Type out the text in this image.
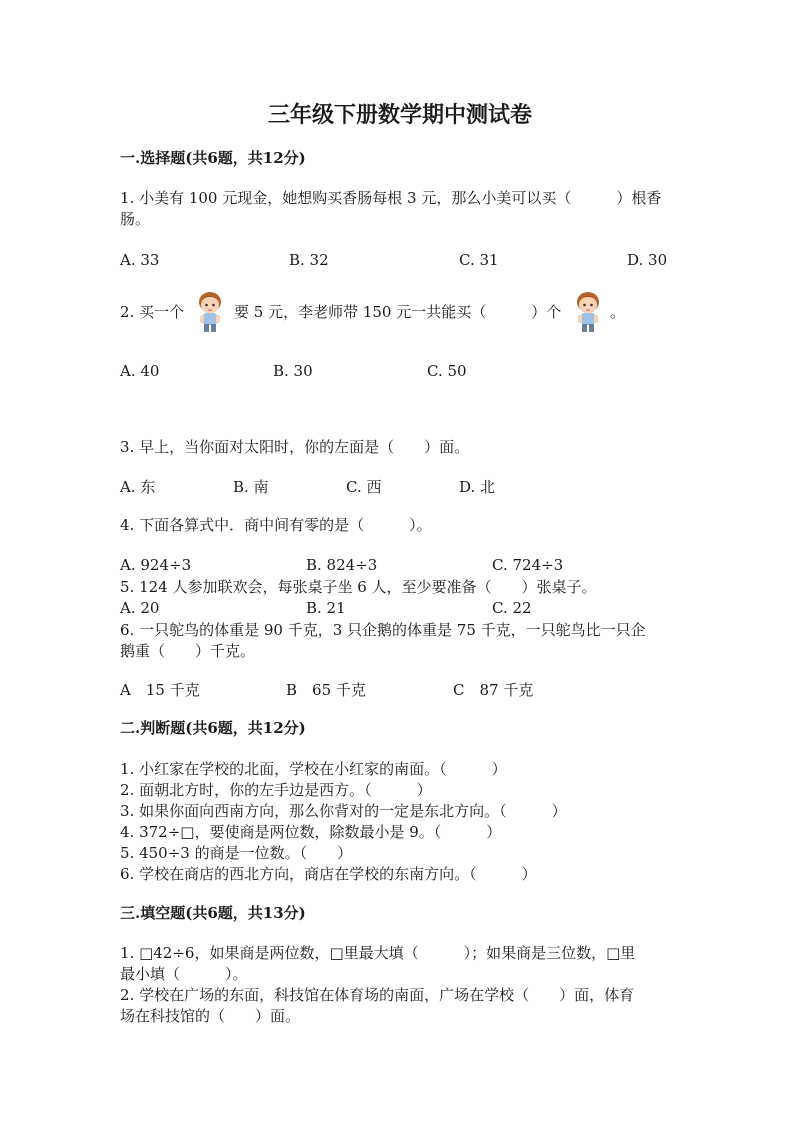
三年级下册数学期中测试卷
一.选择题(共6题，共12分)
1. 小美有 100 元现金，她想购买香肠每根 3 元，那么小美可以买（　　　）根香
肠。
A. 33	B. 32	C. 31	D. 30
2. 买一个	要 5 元，李老师带 150 元一共能买（　　　）个	。
A. 40	B. 30	C. 50
3. 早上，当你面对太阳时，你的左面是（　　）面。
A. 东	B. 南	C. 西	D. 北
4. 下面各算式中．商中间有零的是（　　　）。
A. 924÷3	B. 824÷3	C. 724÷3
5. 124 人参加联欢会，每张桌子坐 6 人，至少要准备（　　）张桌子。
A. 20	B. 21	C. 22
6. 一只鸵鸟的体重是 90 千克，3 只企鹅的体重是 75 千克，一只鸵鸟比一只企
鹅重（　　）千克。
A　15 千克	B　65 千克	C　87 千克
二.判断题(共6题，共12分)
1. 小红家在学校的北面，学校在小红家的南面。（　　　）
2. 面朝北方时，你的左手边是西方。（　　　）
3. 如果你面向西南方向，那么你背对的一定是东北方向。（　　　）
4. 372÷□，要使商是两位数，除数最小是 9。（　　　）
5. 450÷3 的商是一位数。（　　）
6. 学校在商店的西北方向，商店在学校的东南方向。（　　　）
三.填空题(共6题，共13分)
1. □42÷6，如果商是两位数，□里最大填（　　　）；如果商是三位数，□里
最小填（　　　）。
2. 学校在广场的东面，科技馆在体育场的南面，广场在学校（　　）面，体育
场在科技馆的（　　）面。
